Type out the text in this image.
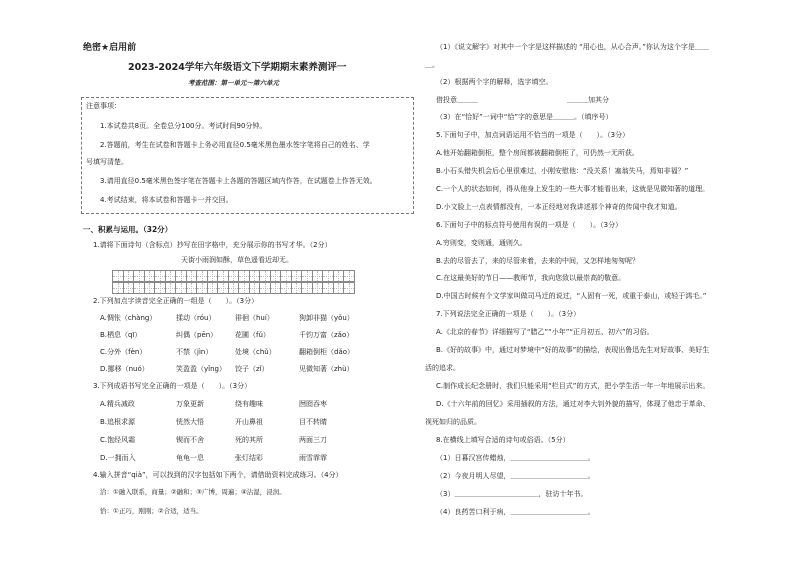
绝密★启用前
2023-2024学年六年级语文下学期期末素养测评一
考查范围：第一单元～第六单元
注意事项：
1.本试卷共8页。全卷总分100分。考试时间90分钟。
2.答题前，考生在试卷和答题卡上务必用直径0.5毫米黑色墨水签字笔将自己的姓名、学
号填写清楚。
3.请用直径0.5毫米黑色签字笔在答题卡上各题的答题区域内作答，在试题卷上作答无效。
4.考试结束，将本试卷和答题卡一并交回。
一、积累与运用。（32分）
1.请将下面诗句（含标点）抄写在田字格中，充分展示你的书写才华。（2分）
天街小雨润如酥，草色遥看近却无。
2.下列加点字读音完全正确的一组是（　　）。（3分）
A.惆怅（chàng）	揉动（róu）	徘徊（huí）	狗卸非猫（yǒu）
B.栖息（qī）	纠偶（pēn）	花圃（fǔ）	千钧万富（zǎo）
C.分外（fèn）	不禁（jìn）	处境（chǔ）	翻箱倒柜（dǎo）
D.挪移（nuó）	笑盈盈（yǐng） 饺子（zǐ）	见微知著（zhù）
3.下列成语书写完全正确的一项是（　　）。（3分）
A.精兵减政	万象更新	绕有趣味	囫囵吞枣
B.追根求源	恍然大悟	开山鼻祖	目不转睛
C.饱经风霜	锲而不舍	死的其所	两面三刀
D.一拥而入	龟龟一息	张灯结彩	雨雪霏霏
4.输入拼音“qià”，可以找到的汉字包括如下两个，请借助资料完成练习。（4分）
洽：①融入联系，商量；②融和；③广博，周遍；④沾湿，浸润。
恰：①正巧，刚刚；②合适，适当。
（1）《说文解字》对其中一个字是这样描述的 “用心也，从心合声。”你认为这个字是＿＿
＿。
（2）根据两个字的解释，选字填空。
借投意＿＿＿	＿＿＿加其分
（3）在“恰好”一词中“恰”字的意思是＿＿＿。（填序号）
5.下面句子中，加点词语运用不恰当的一项是（　　）。（3分）
A.他开始翻箱倒柜，整个房间都被翻箱倒柜了，可仍然一无所获。
B.小石头错失机会后心里很难过，小刚安慰他：“没关系！塞翁失马，焉知非福？”
C.一个人的状态如何，得从他身上发生的一些大事才能看出来，这就是见微知著的道理。
D.小文脸上一点表情都没有，一本正经地对我讲述那个神奇的传闻中我才知道。
6.下面句子中的标点符号使用有误的一项是（　　）。（3分）
A.穷则变，变则通，通则久。
B.去的尽管去了，来的尽管来着，去来的中间，又怎样地匆匆呢？
C.在这最美好的节日——教师节，我向您致以最崇高的敬意。
D.中国古时候有个文学家叫做司马迁的说过，“人固有一死，或重于泰山，或轻于鸿毛。”
7.下列说法完全正确的一项是（　　）。（3分）
A.《北京的春节》详细描写了“腊乙”“小年”“正月初五、初六”的习俗。
B.《好的故事》中，通过对梦境中“好的故事”的描绘，表现出鲁迅先生对好故事、美好生
活的追求。
C.制作成长纪念册时，我们只能采用“栏目式”的方式，把小学生活一年一年地展示出来。
D.《十六年前的回忆》采用插叙的方法，通过对李大钊外貌的描写，体现了他忠于革命、
视死如归的品质。
8.在横线上填写合适的诗句或俗语。（5分）
（1）日暮汉宫传蜡烛，＿＿＿＿＿＿＿＿＿＿＿。
（2）今夜月明人尽望，＿＿＿＿＿＿＿＿＿＿＿。
（3）＿＿＿＿＿＿＿＿＿＿＿＿，驻访十年书。
（4）良药苦口利于病，＿＿＿＿＿＿＿＿＿＿＿。
